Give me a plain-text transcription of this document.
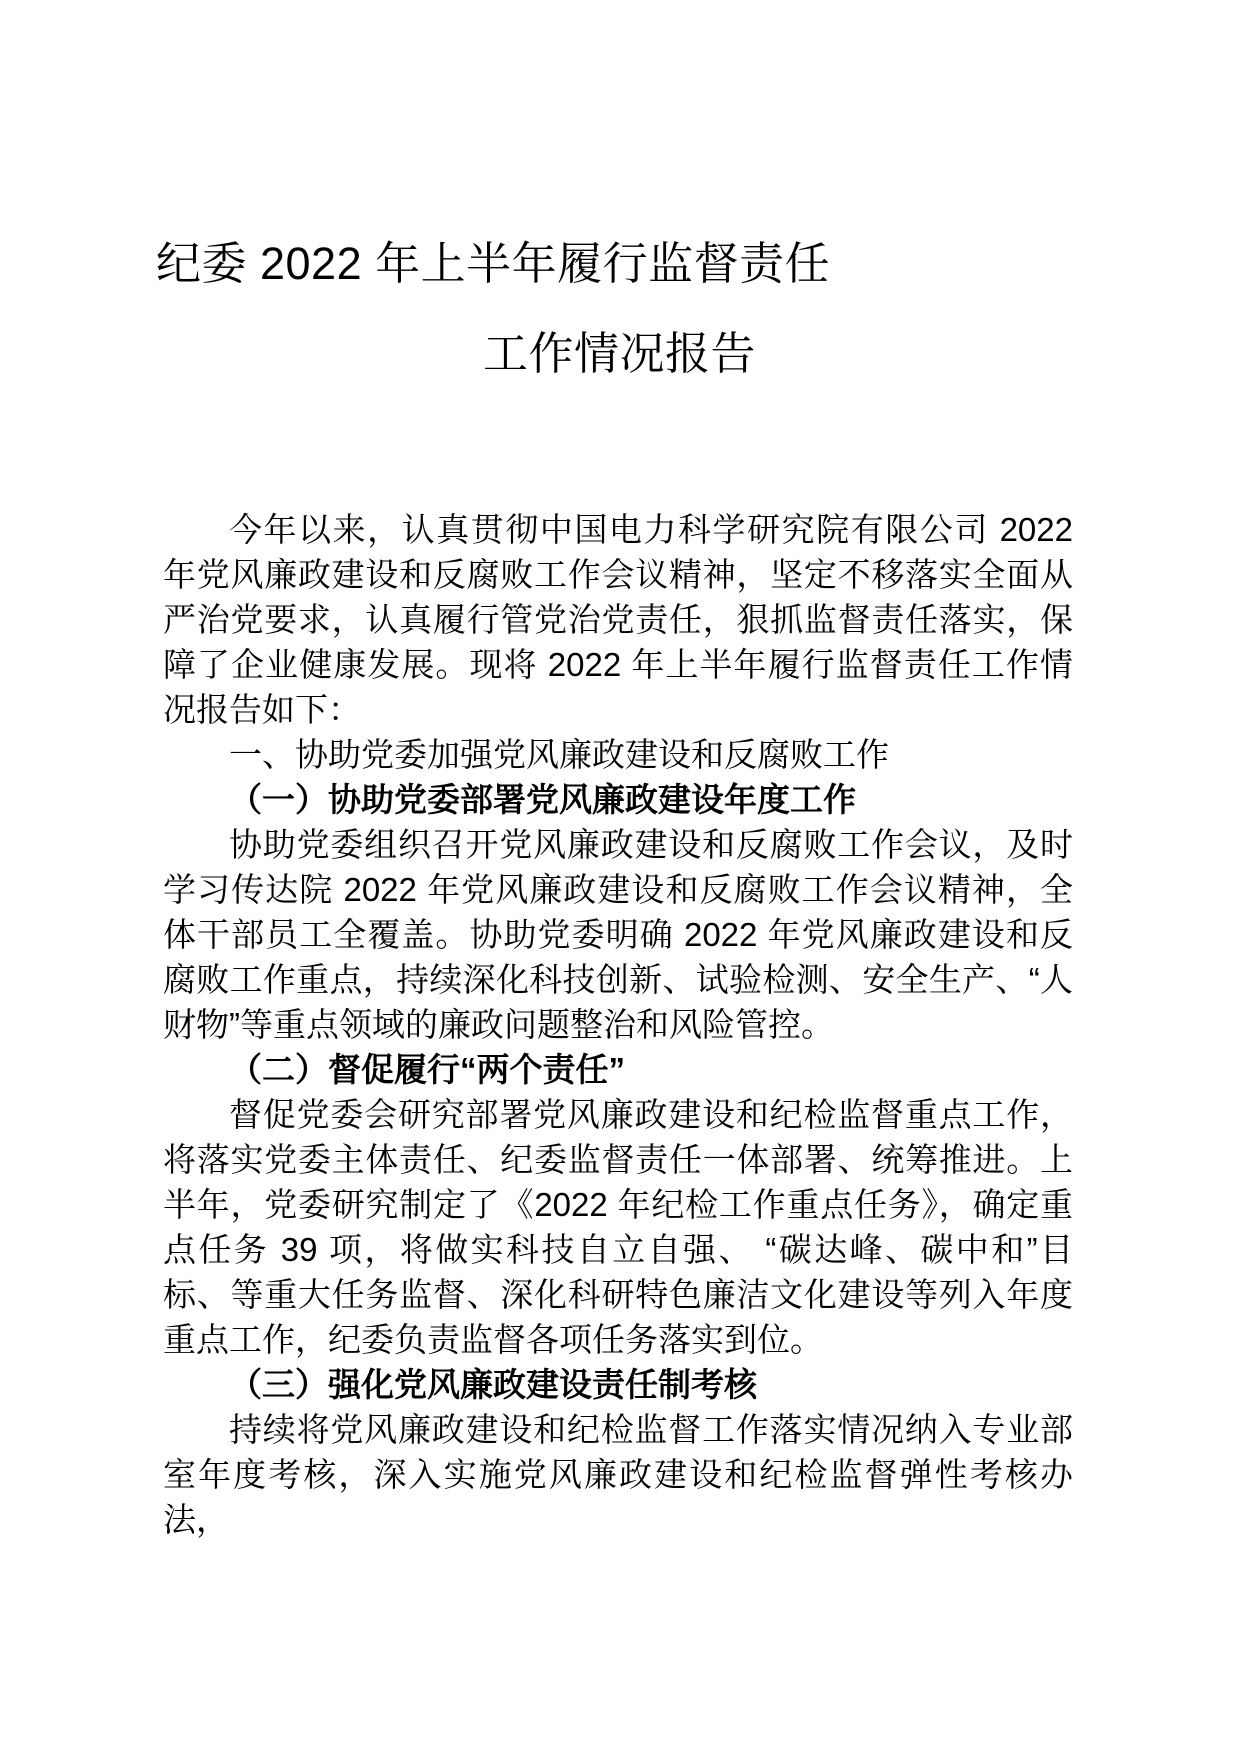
纪委 2022 年上半年履行监督责任
工作情况报告

今年以来，认真贯彻中国电力科学研究院有限公司 2022 年党风廉政建设和反腐败工作会议精神，坚定不移落实全面从严治党要求，认真履行管党治党责任，狠抓监督责任落实，保障了企业健康发展。现将 2022 年上半年履行监督责任工作情况报告如下：

一、协助党委加强党风廉政建设和反腐败工作

（一）协助党委部署党风廉政建设年度工作

协助党委组织召开党风廉政建设和反腐败工作会议，及时学习传达院 2022 年党风廉政建设和反腐败工作会议精神，全体干部员工全覆盖。协助党委明确 2022 年党风廉政建设和反腐败工作重点，持续深化科技创新、试验检测、安全生产、“人财物”等重点领域的廉政问题整治和风险管控。

（二）督促履行“两个责任”

督促党委会研究部署党风廉政建设和纪检监督重点工作，将落实党委主体责任、纪委监督责任一体部署、统筹推进。上半年，党委研究制定了《2022 年纪检工作重点任务》，确定重点任务 39 项，将做实科技自立自强、 “碳达峰、碳中和”目标、等重大任务监督、深化科研特色廉洁文化建设等列入年度重点工作，纪委负责监督各项任务落实到位。

（三）强化党风廉政建设责任制考核

持续将党风廉政建设和纪检监督工作落实情况纳入专业部室年度考核，深入实施党风廉政建设和纪检监督弹性考核办法，
